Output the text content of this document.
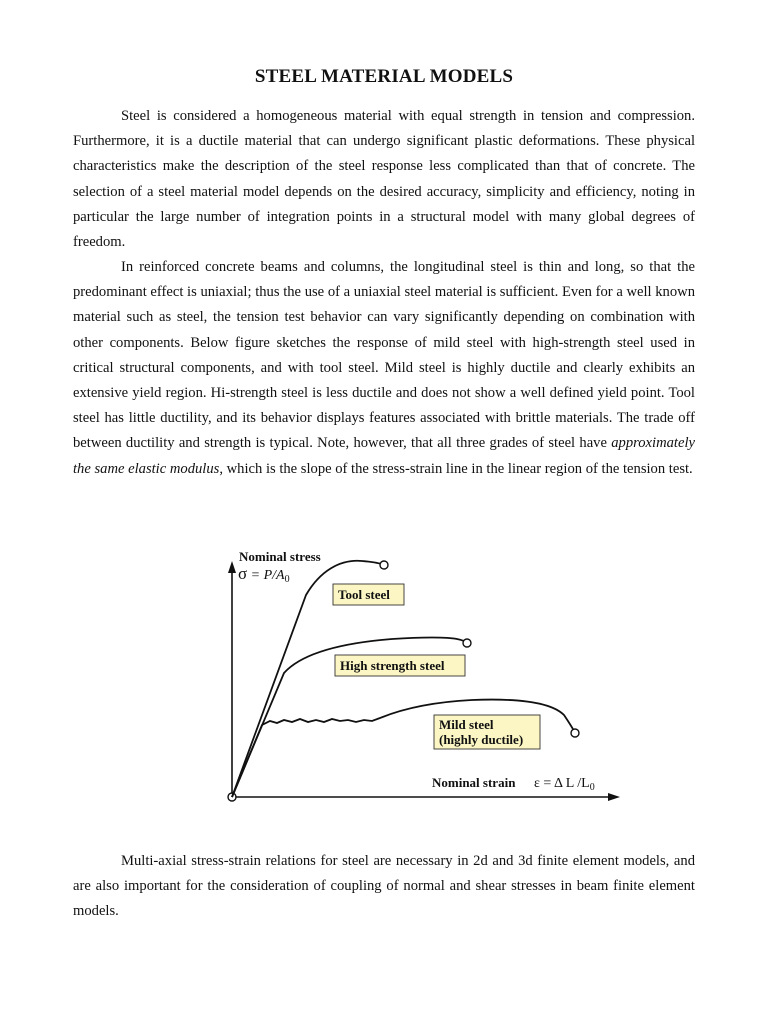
STEEL MATERIAL MODELS

Steel is considered a homogeneous material with equal strength in tension and compression. Furthermore, it is a ductile material that can undergo significant plastic deformations. These physical characteristics make the description of the steel response less complicated than that of concrete. The selection of a steel material model depends on the desired accuracy, simplicity and efficiency, noting in particular the large number of integration points in a structural model with many global degrees of freedom.

In reinforced concrete beams and columns, the longitudinal steel is thin and long, so that the predominant effect is uniaxial; thus the use of a uniaxial steel material is sufficient. Even for a well known material such as steel, the tension test behavior can vary significantly depending on combination with other components. Below figure sketches the response of mild steel with high-strength steel used in critical structural components, and with tool steel. Mild steel is highly ductile and clearly exhibits an extensive yield region. Hi-strength steel is less ductile and does not show a well defined yield point. Tool steel has little ductility, and its behavior displays features associated with brittle materials. The trade off between ductility and strength is typical. Note, however, that all three grades of steel have approximately the same elastic modulus, which is the slope of the stress-strain line in the linear region of the tension test.

Tool steel
High strength steel
Mild steel
(highly ductile)
Nominal stress
$\sigma = P/A_0$
Nominal strain ε = Δ L $/L_0$

Multi-axial stress-strain relations for steel are necessary in 2d and 3d finite element models, and are also important for the consideration of coupling of normal and shear stresses in beam finite element models.
